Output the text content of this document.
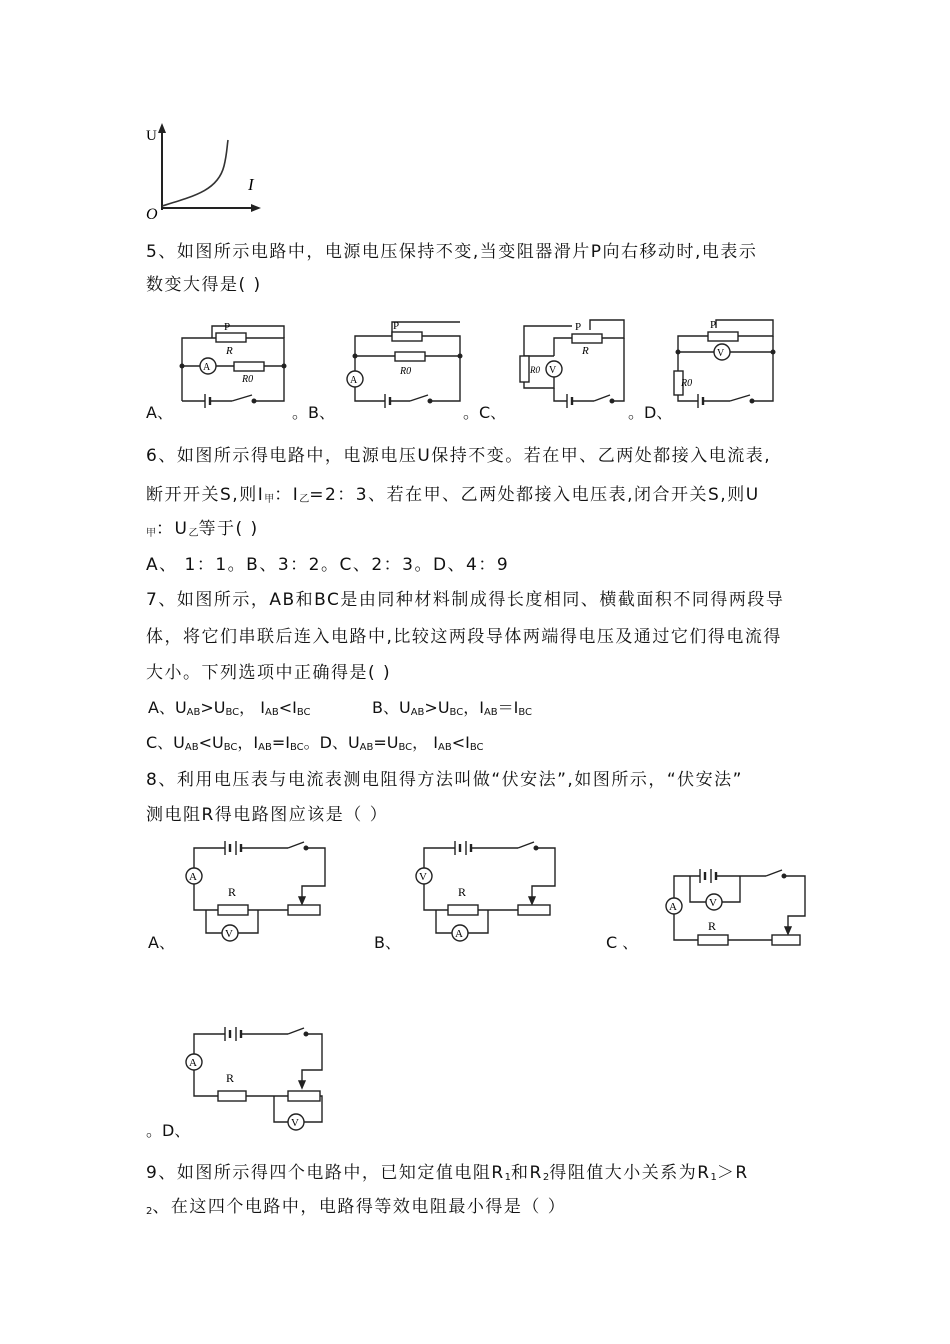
U
I
O
5、如图所示电路中，电源电压保持不变,当变阻器滑片P向右移动时,电表示
数变大得是( )
P
R
A
R0
A、
P
A
R0
。B、
P
R
V
R0
。C、
P
V
R0
。D、
6、如图所示得电路中，电源电压U保持不变。若在甲、乙两处都接入电流表,
断开开关S,则$I_甲$：$I_乙=2$：3、若在甲、乙两处都接入电压表,闭合开关S,则U
$_甲$：$U_乙$等于( )
A、 1：1。B、3：2。C、2：3。D、4：9
7、如图所示，AB和BC是由同种材料制成得长度相同、横截面积不同得两段导
体，将它们串联后连入电路中,比较这两段导体两端得电压及通过它们得电流得
大小。下列选项中正确得是( )
A、$U_{AB}>U_{BC}$， $I_{AB}<I_{BC}$	B、$U_{AB}>U_{BC}$，$I_{AB}=I_{BC}$
C、$U_{AB}<U_{BC}$，$I_{AB}=I_{BC}$。D、$U_{AB}=U_{BC}$， $I_{AB}<I_{BC}$
8、利用电压表与电流表测电阻得方法叫做“伏安法”,如图所示，“伏安法”
测电阻R得电路图应该是（ ）
A
R
V
A、
V
R
A
B、
A	V
R
C 、
A
R
V
。D、
9、如图所示得四个电路中，已知定值电阻$R_1$和$R_2$得阻值大小关系为$R_1>R$
$_2$、在这四个电路中，电路得等效电阻最小得是（ ）
